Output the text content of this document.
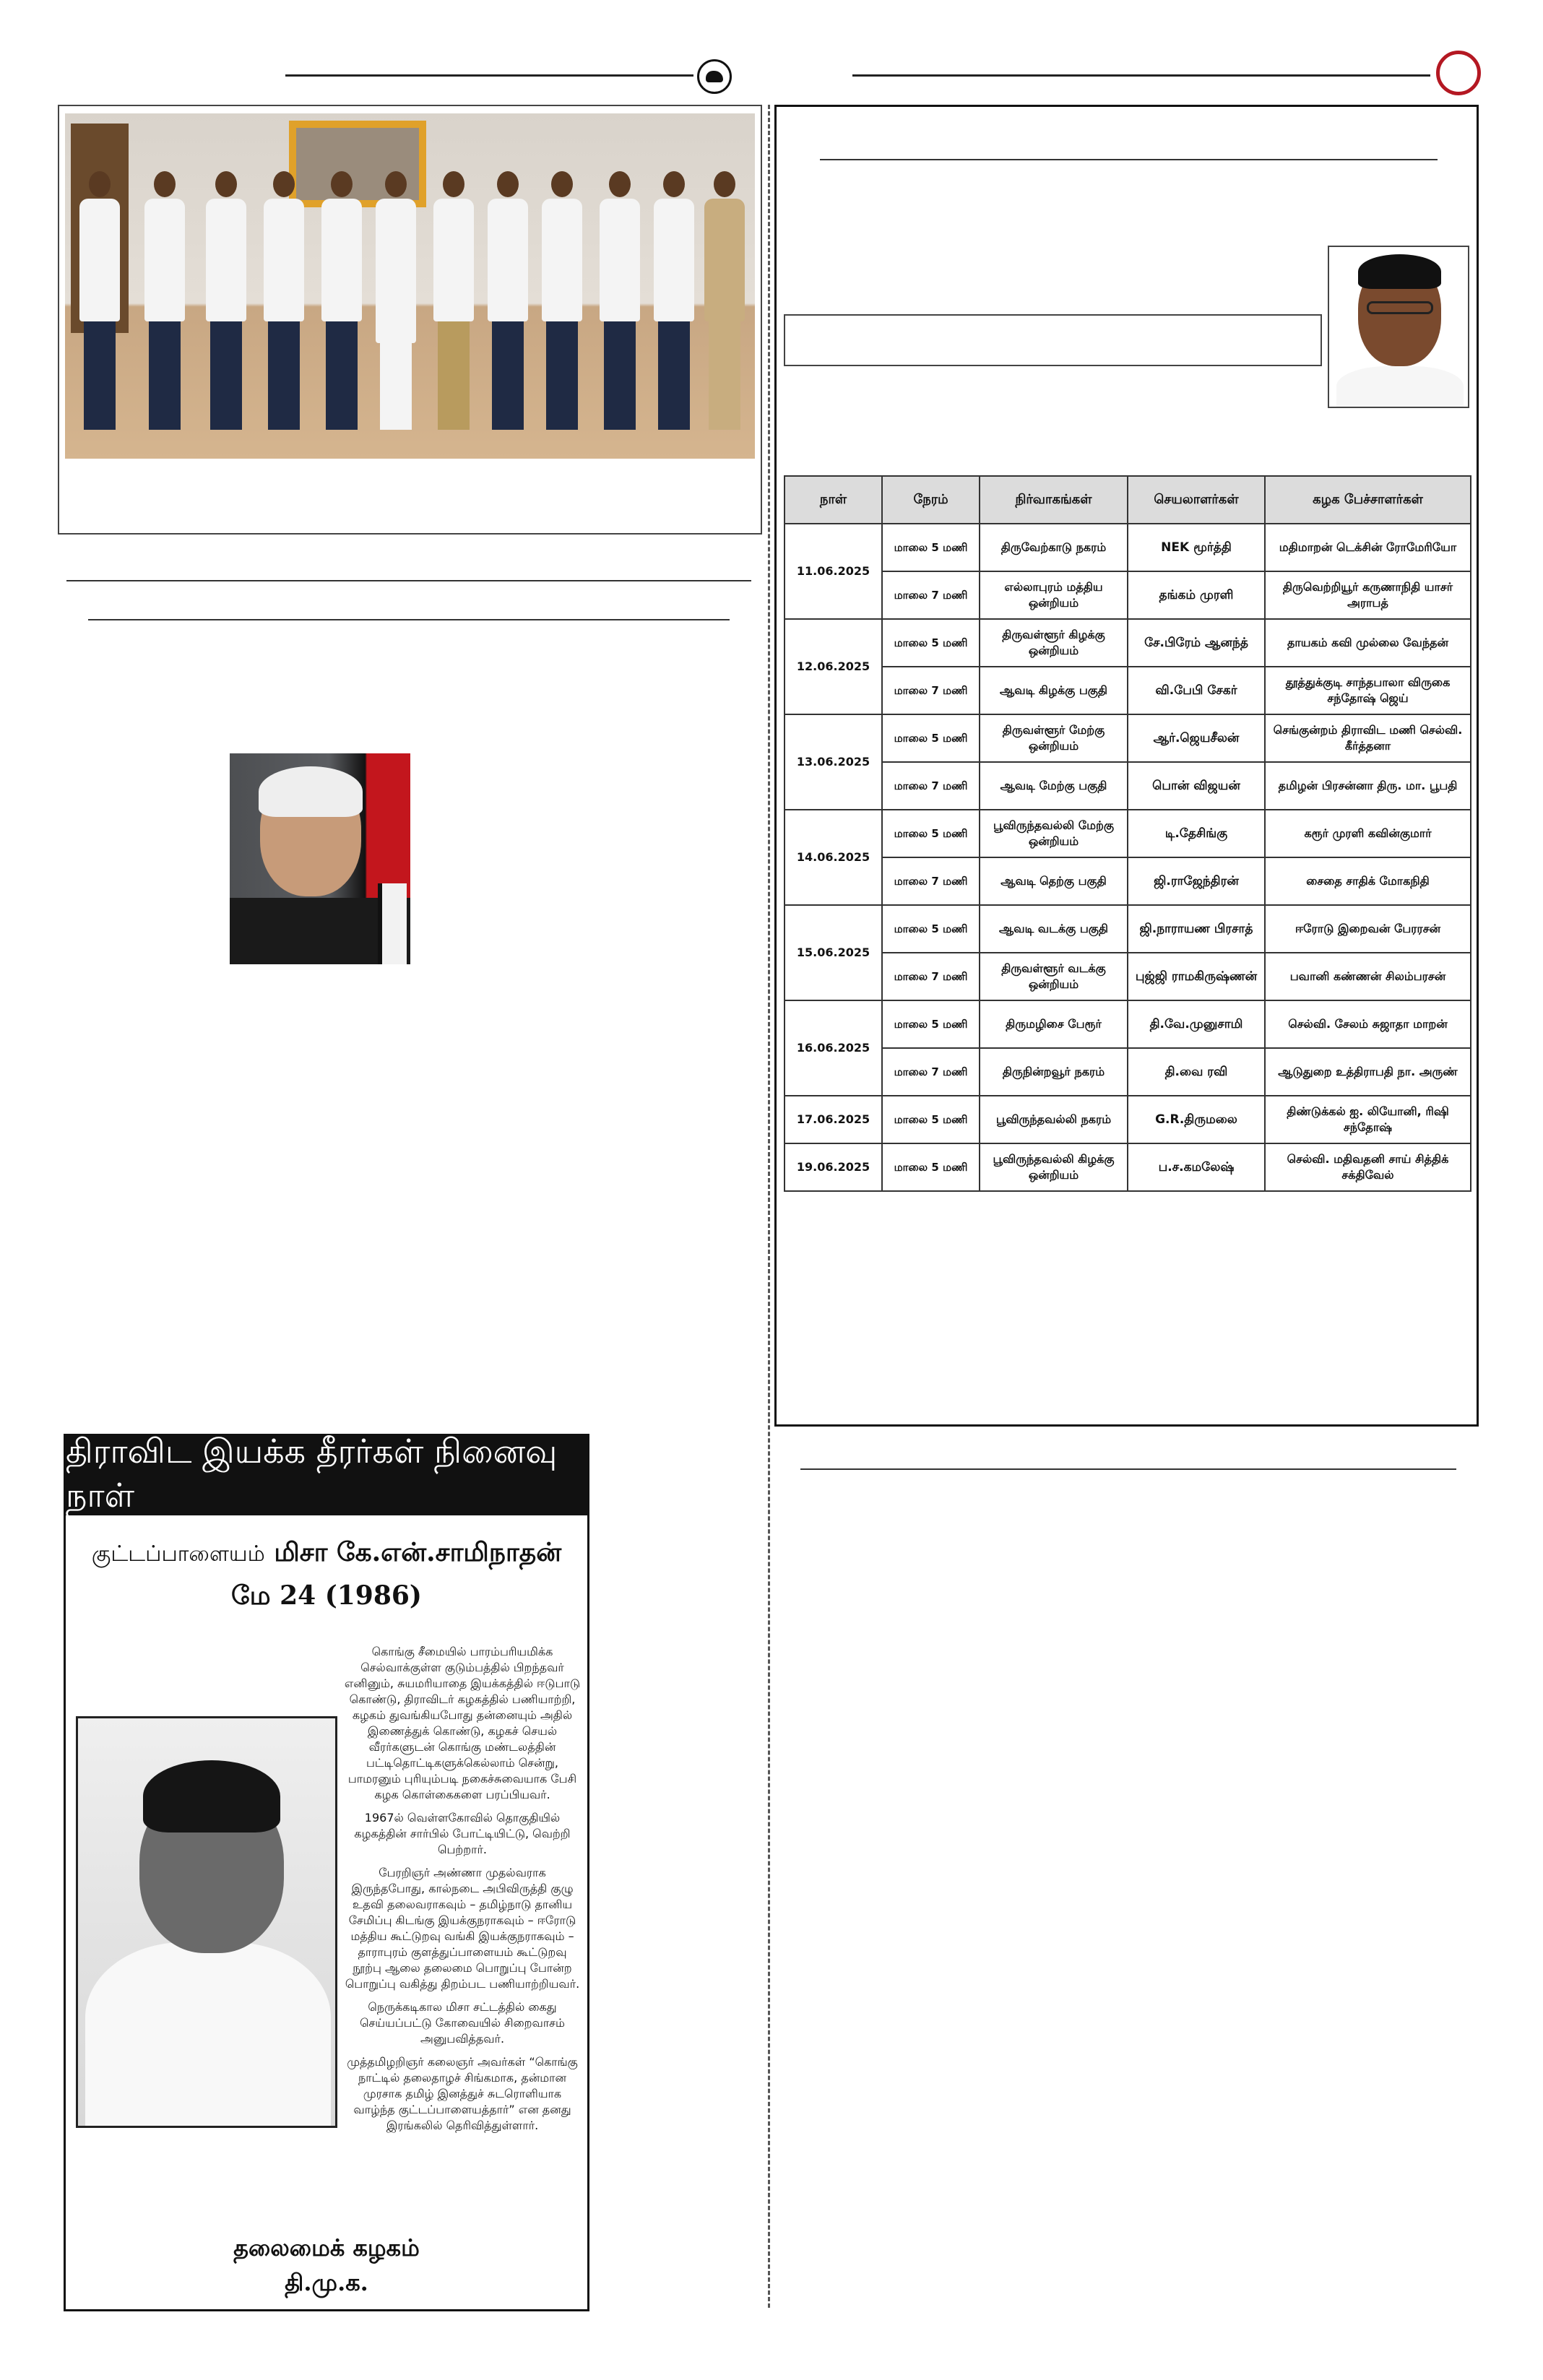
திராவிட இயக்க தீரர்கள் நினைவு நாள்
குட்டப்பாளையம் மிசா கே.என்.சாமிநாதன்
மே 24 (1986)

கொங்கு சீமையில் பாரம்பரியமிக்க செல்வாக்குள்ள குடும்பத்தில் பிறந்தவர் எனினும், சுயமரியாதை இயக்கத்தில் ஈடுபாடு கொண்டு, திராவிடர் கழகத்தில் பணியாற்றி, கழகம் துவங்கியபோது தன்னையும் அதில் இணைத்துக் கொண்டு, கழகச் செயல் வீரர்களுடன் கொங்கு மண்டலத்தின் பட்டிதொட்டிகளுக்கெல்லாம் சென்று, பாமரனும் புரியும்படி நகைச்சுவையாக பேசி கழக கொள்கைகளை பரப்பியவர்.

1967ல் வெள்ளகோவில் தொகுதியில் கழகத்தின் சார்பில் போட்டியிட்டு, வெற்றி பெற்றார்.

பேரறிஞர் அண்ணா முதல்வராக இருந்தபோது, கால்நடை அபிவிருத்தி குழு உதவி தலைவராகவும் – தமிழ்நாடு தானிய சேமிப்பு கிடங்கு இயக்குநராகவும் – ஈரோடு மத்திய கூட்டுறவு வங்கி இயக்குநராகவும் – தாராபுரம் குளத்துப்பாளையம் கூட்டுறவு நூற்பு ஆலை தலைமை பொறுப்பு போன்ற பொறுப்பு வகித்து திறம்பட பணியாற்றியவர்.

நெருக்கடிகால மிசா சட்டத்தில் கைது செய்யப்பட்டு கோவையில் சிறைவாசம் அனுபவித்தவர்.

முத்தமிழறிஞர் கலைஞர் அவர்கள் “கொங்கு நாட்டில் தலைதாழச் சிங்கமாக, தன்மான முரசாக தமிழ் இனத்துச் சுடரொளியாக வாழ்ந்த குட்டப்பாளையத்தார்” என தனது இரங்கலில் தெரிவித்துள்ளார்.

தலைமைக் கழகம்
தி.மு.க.
நாள்	நேரம்	நிர்வாகங்கள்	செயலாளர்கள்	கழக பேச்சாளர்கள்
11.06.2025	மாலை 5 மணி	திருவேற்காடு நகரம்	NEK மூர்த்தி	மதிமாறன் டெக்சின் ரோமேரியோ
	மாலை 7 மணி	எல்லாபுரம் மத்திய ஒன்றியம்	தங்கம் முரளி	திருவெற்றியூர் கருணாநிதி யாசர் அராபத்
12.06.2025	மாலை 5 மணி	திருவள்ளூர் கிழக்கு ஒன்றியம்	சே.பிரேம் ஆனந்த்	தாயகம் கவி முல்லை வேந்தன்
	மாலை 7 மணி	ஆவடி கிழக்கு பகுதி	வி.பேபி சேகர்	தூத்துக்குடி சாந்தபாலா விருகை சந்தோஷ் ஜெய்
13.06.2025	மாலை 5 மணி	திருவள்ளூர் மேற்கு ஒன்றியம்	ஆர்.ஜெயசீலன்	செங்குன்றம் திராவிட மணி செல்வி. கீர்த்தனா
	மாலை 7 மணி	ஆவடி மேற்கு பகுதி	பொன் விஜயன்	தமிழன் பிரசன்னா திரு. மா. பூபதி
14.06.2025	மாலை 5 மணி	பூவிருந்தவல்லி மேற்கு ஒன்றியம்	டி.தேசிங்கு	கரூர் முரளி கவின்குமார்
	மாலை 7 மணி	ஆவடி தெற்கு பகுதி	ஜி.ராஜேந்திரன்	சைதை சாதிக் மோகநிதி
15.06.2025	மாலை 5 மணி	ஆவடி வடக்கு பகுதி	ஜி.நாராயண பிரசாத்	ஈரோடு இறைவன் பேரரசன்
	மாலை 7 மணி	திருவள்ளூர் வடக்கு ஒன்றியம்	புஜ்ஜி ராமகிருஷ்ணன்	பவானி கண்ணன் சிலம்பரசன்
16.06.2025	மாலை 5 மணி	திருமழிசை பேரூர்	தி.வே.முனுசாமி	செல்வி. சேலம் சுஜாதா மாறன்
	மாலை 7 மணி	திருநின்றவூர் நகரம்	தி.வை ரவி	ஆடுதுறை உத்திராபதி நா. அருண்
17.06.2025	மாலை 5 மணி	பூவிருந்தவல்லி நகரம்	G.R.திருமலை	திண்டுக்கல் ஐ. லியோனி, ரிஷி சந்தோஷ்
19.06.2025	மாலை 5 மணி	பூவிருந்தவல்லி கிழக்கு ஒன்றியம்	ப.ச.கமலேஷ்	செல்வி. மதிவதனி சாய் சித்திக் சக்திவேல்
